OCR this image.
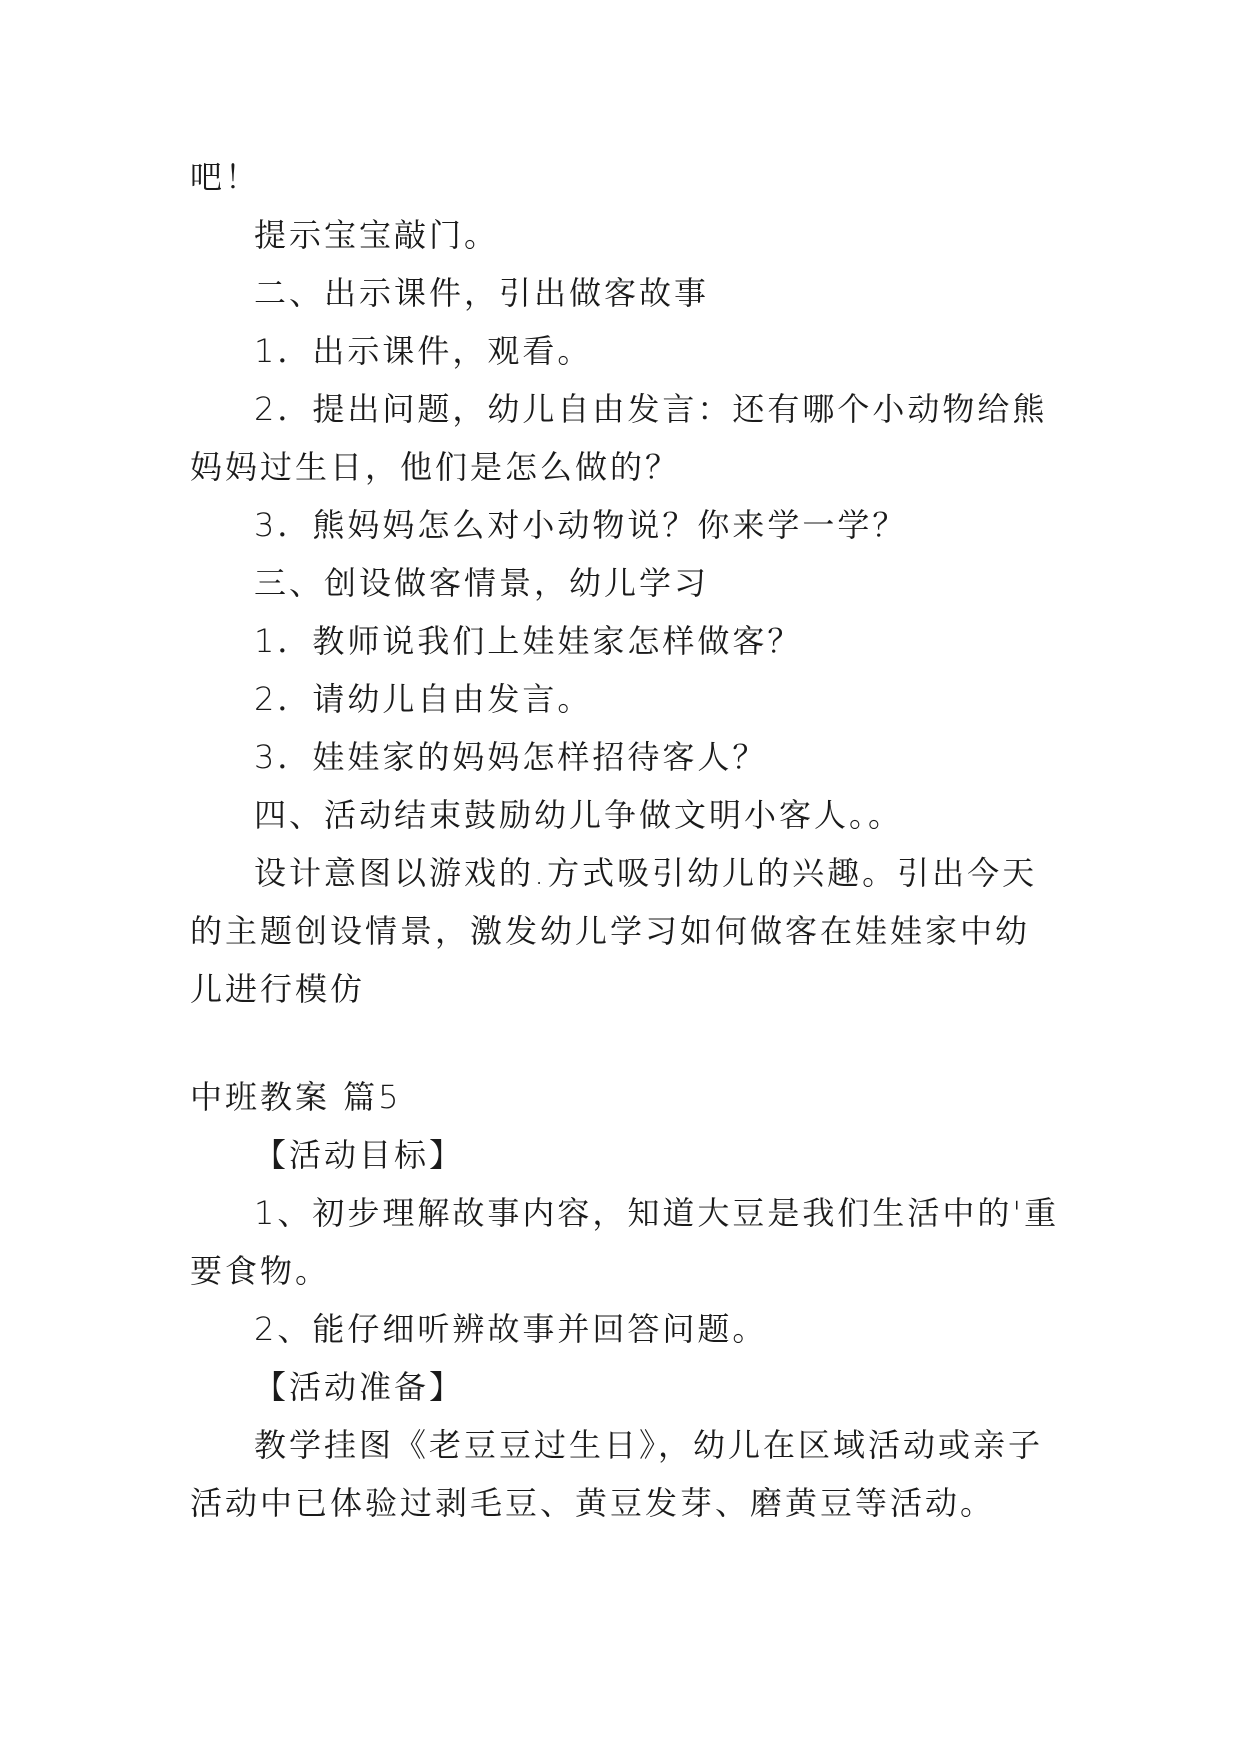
吧！

提示宝宝敲门。

二、出示课件，引出做客故事

1．出示课件，观看。

2．提出问题，幼儿自由发言：还有哪个小动物给熊妈妈过生日，他们是怎么做的？

3．熊妈妈怎么对小动物说？你来学一学？

三、创设做客情景，幼儿学习

1．教师说我们上娃娃家怎样做客？

2．请幼儿自由发言。

3．娃娃家的妈妈怎样招待客人？

四、活动结束鼓励幼儿争做文明小客人。。

设计意图以游戏的.方式吸引幼儿的兴趣。引出今天的主题创设情景，激发幼儿学习如何做客在娃娃家中幼儿进行模仿

中班教案 篇5

【活动目标】

1、初步理解故事内容，知道大豆是我们生活中的'重要食物。

2、能仔细听辨故事并回答问题。

【活动准备】

教学挂图《老豆豆过生日》，幼儿在区域活动或亲子活动中已体验过剥毛豆、黄豆发芽、磨黄豆等活动。
